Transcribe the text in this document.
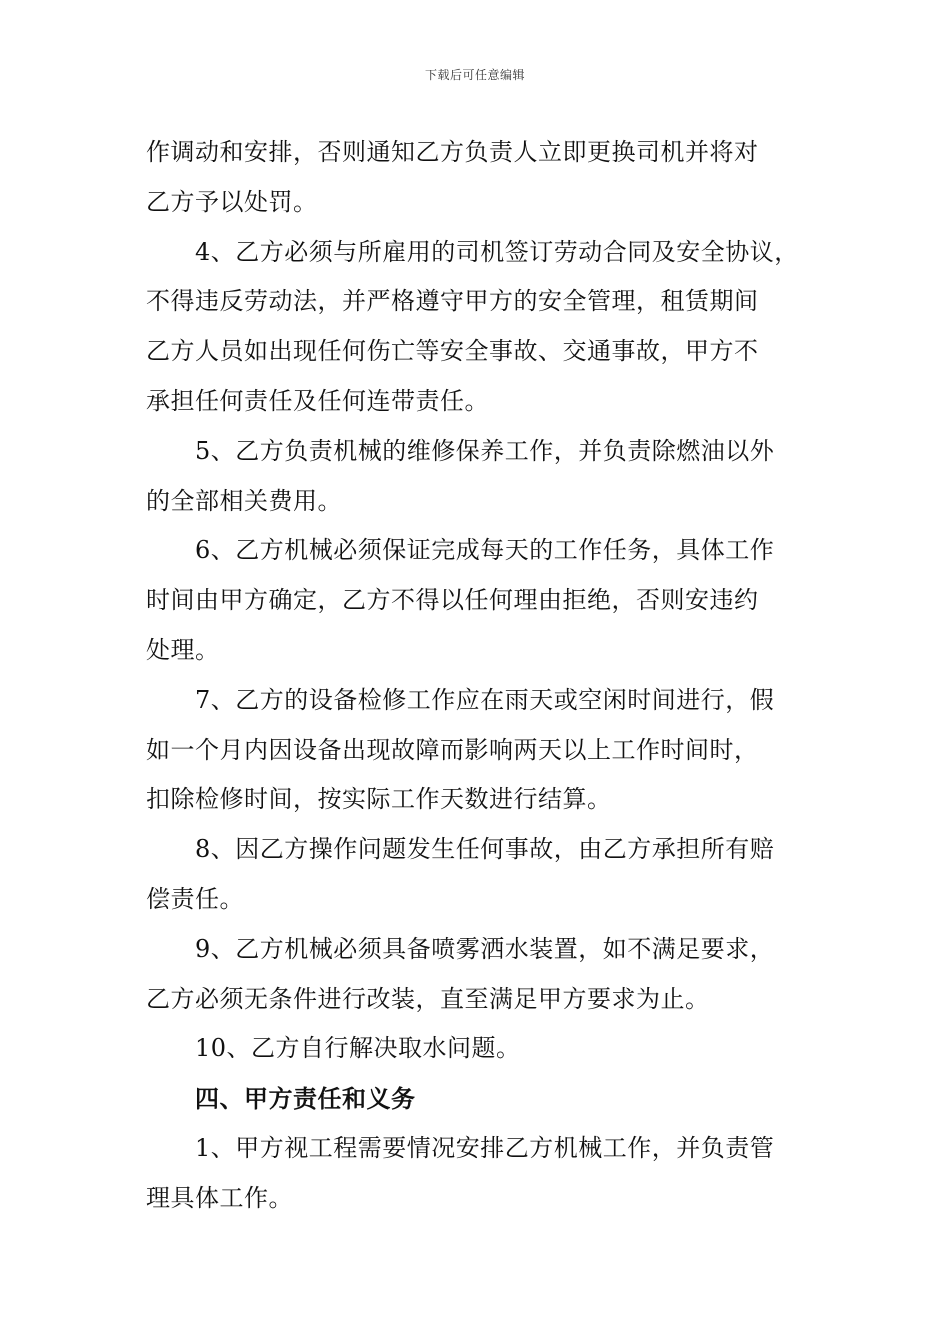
下载后可任意编辑
作调动和安排，否则通知乙方负责人立即更换司机并将对
乙方予以处罚。
4、乙方必须与所雇用的司机签订劳动合同及安全协议，
不得违反劳动法，并严格遵守甲方的安全管理，租赁期间
乙方人员如出现任何伤亡等安全事故、交通事故，甲方不
承担任何责任及任何连带责任。
5、乙方负责机械的维修保养工作，并负责除燃油以外
的全部相关费用。
6、乙方机械必须保证完成每天的工作任务，具体工作
时间由甲方确定，乙方不得以任何理由拒绝，否则安违约
处理。
7、乙方的设备检修工作应在雨天或空闲时间进行，假
如一个月内因设备出现故障而影响两天以上工作时间时，
扣除检修时间，按实际工作天数进行结算。
8、因乙方操作问题发生任何事故，由乙方承担所有赔
偿责任。
9、乙方机械必须具备喷雾洒水装置，如不满足要求，
乙方必须无条件进行改装，直至满足甲方要求为止。
10、乙方自行解决取水问题。
四、甲方责任和义务
1、甲方视工程需要情况安排乙方机械工作，并负责管
理具体工作。
